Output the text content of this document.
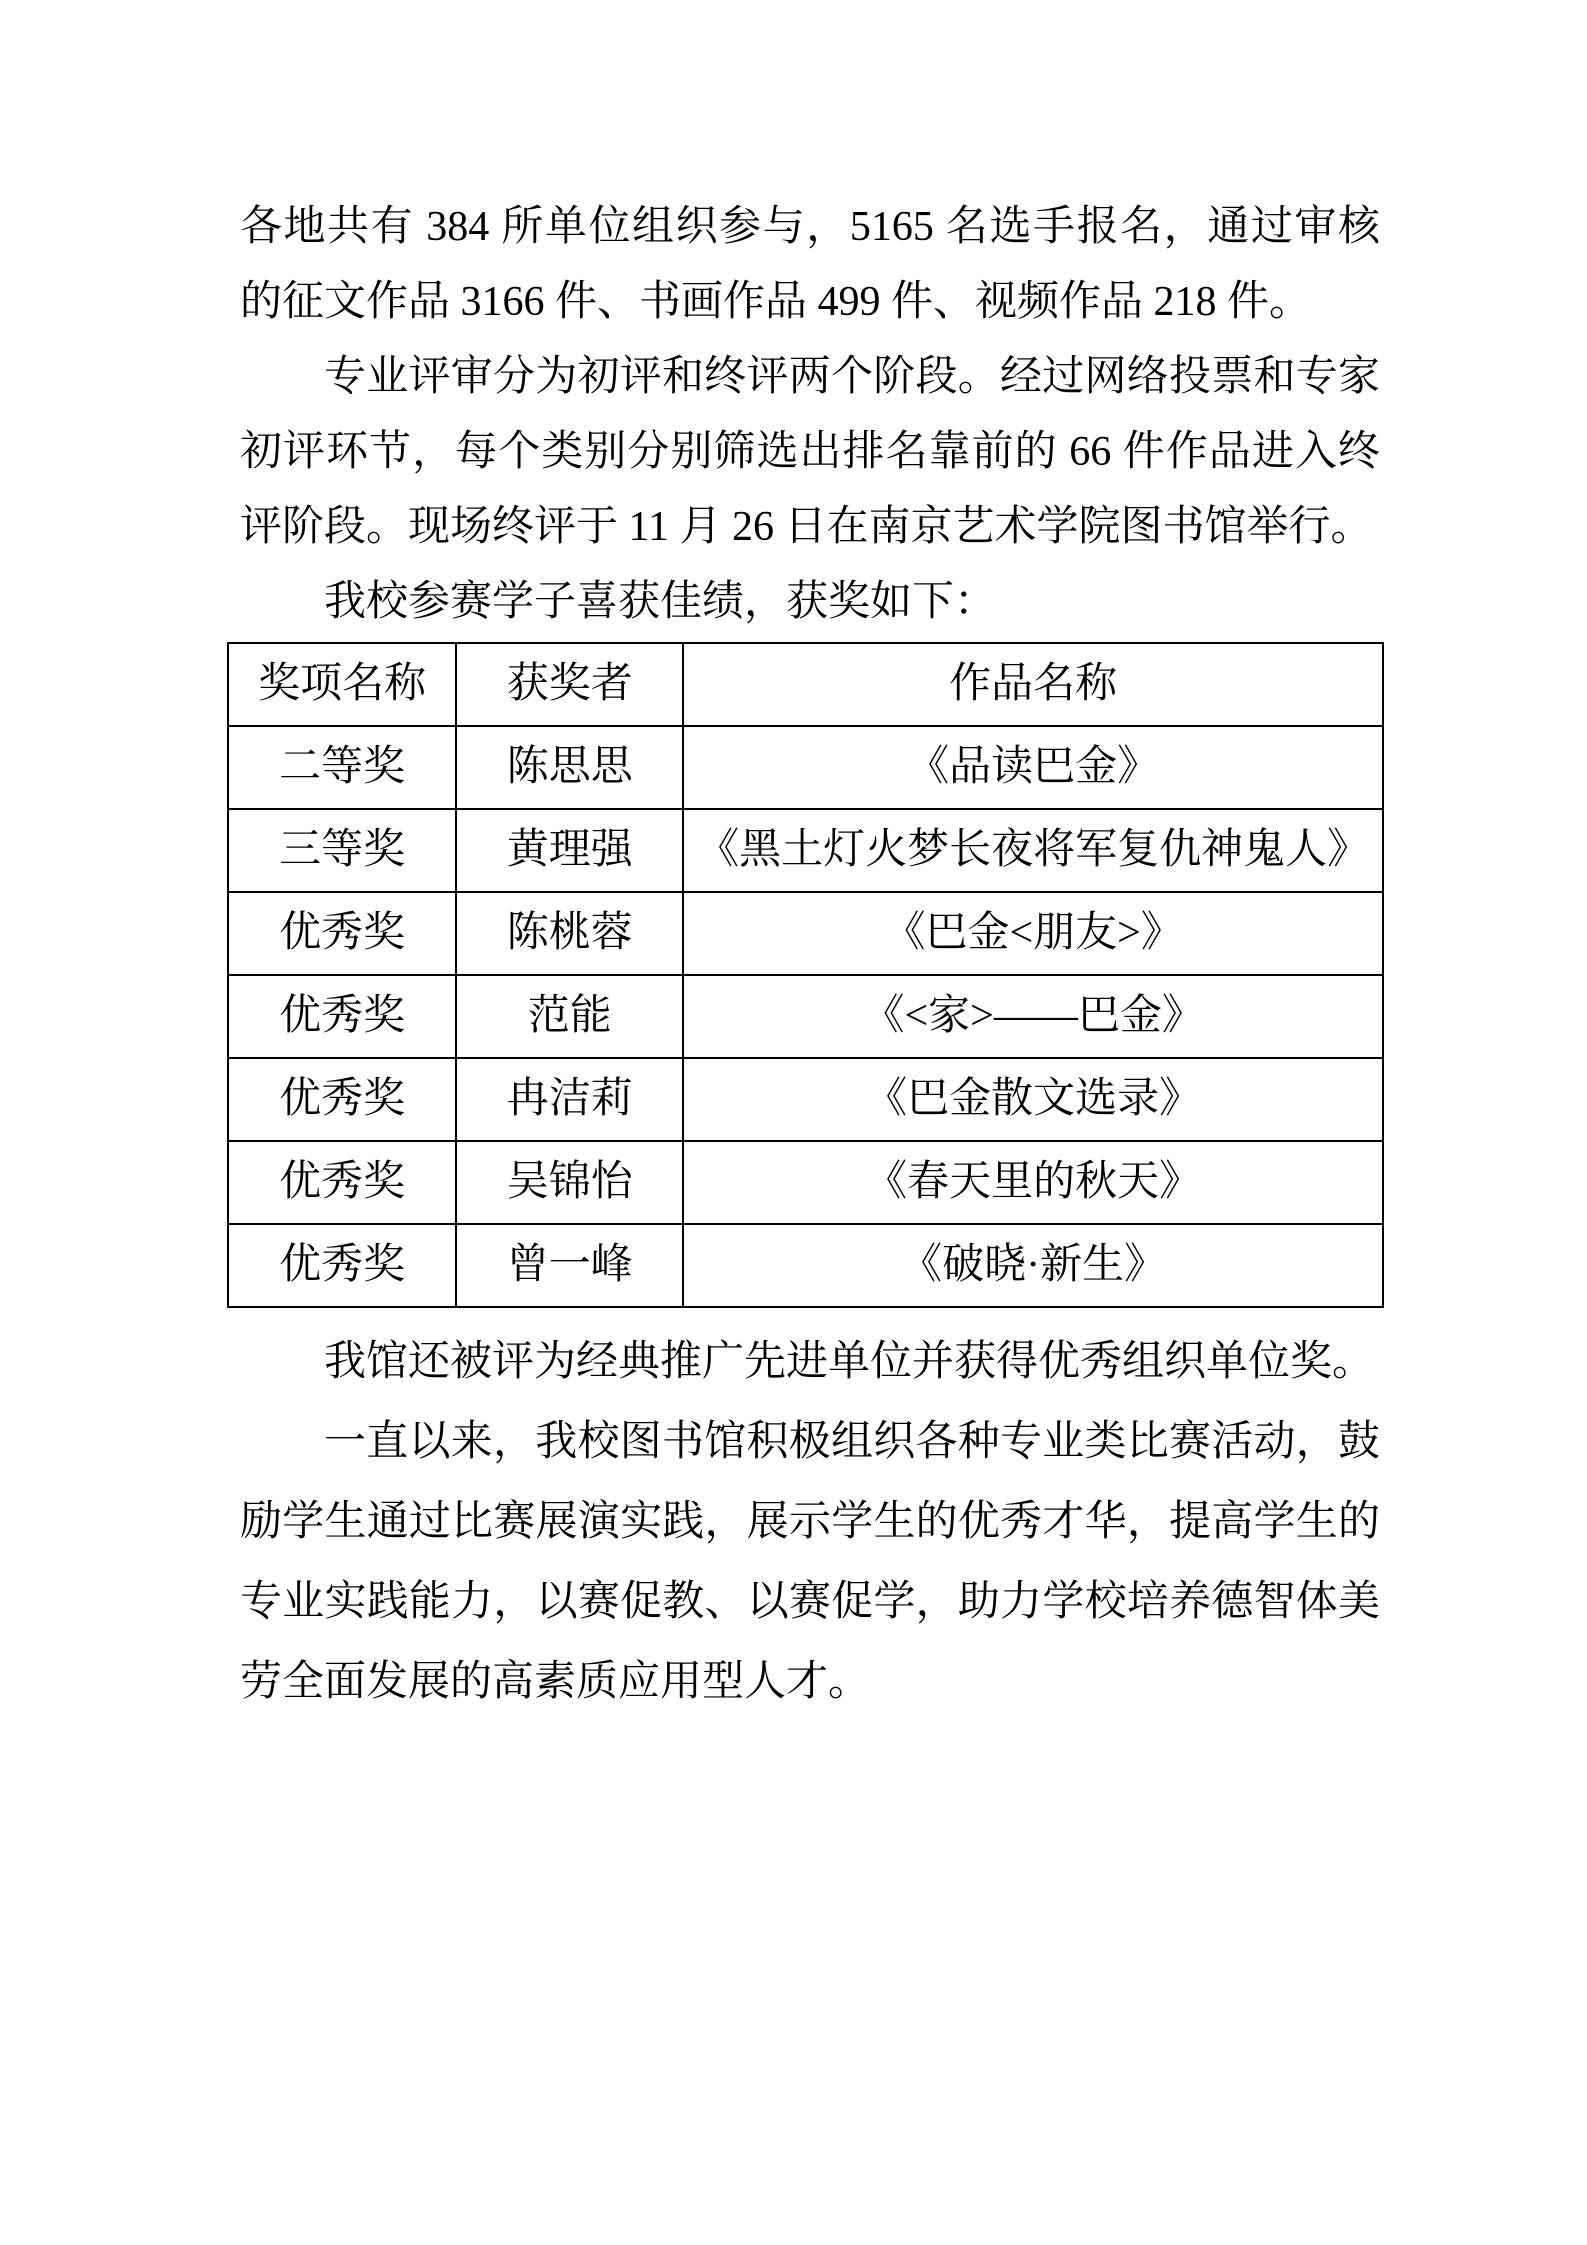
各地共有 384 所单位组织参与，5165 名选手报名，通过审核的征文作品 3166 件、书画作品 499 件、视频作品 218 件。

专业评审分为初评和终评两个阶段。经过网络投票和专家初评环节，每个类别分别筛选出排名靠前的 66 件作品进入终评阶段。现场终评于 11 月 26 日在南京艺术学院图书馆举行。

我校参赛学子喜获佳绩，获奖如下：

奖项名称	获奖者	作品名称
二等奖	陈思思	《品读巴金》
三等奖	黄理强	《黑土灯火梦长夜将军复仇神鬼人》
优秀奖	陈桃蓉	《巴金<朋友>》
优秀奖	范能	《<家>——巴金》
优秀奖	冉洁莉	《巴金散文选录》
优秀奖	吴锦怡	《春天里的秋天》
优秀奖	曾一峰	《破晓·新生》

我馆还被评为经典推广先进单位并获得优秀组织单位奖。

一直以来，我校图书馆积极组织各种专业类比赛活动，鼓励学生通过比赛展演实践，展示学生的优秀才华，提高学生的专业实践能力，以赛促教、以赛促学，助力学校培养德智体美劳全面发展的高素质应用型人才。
